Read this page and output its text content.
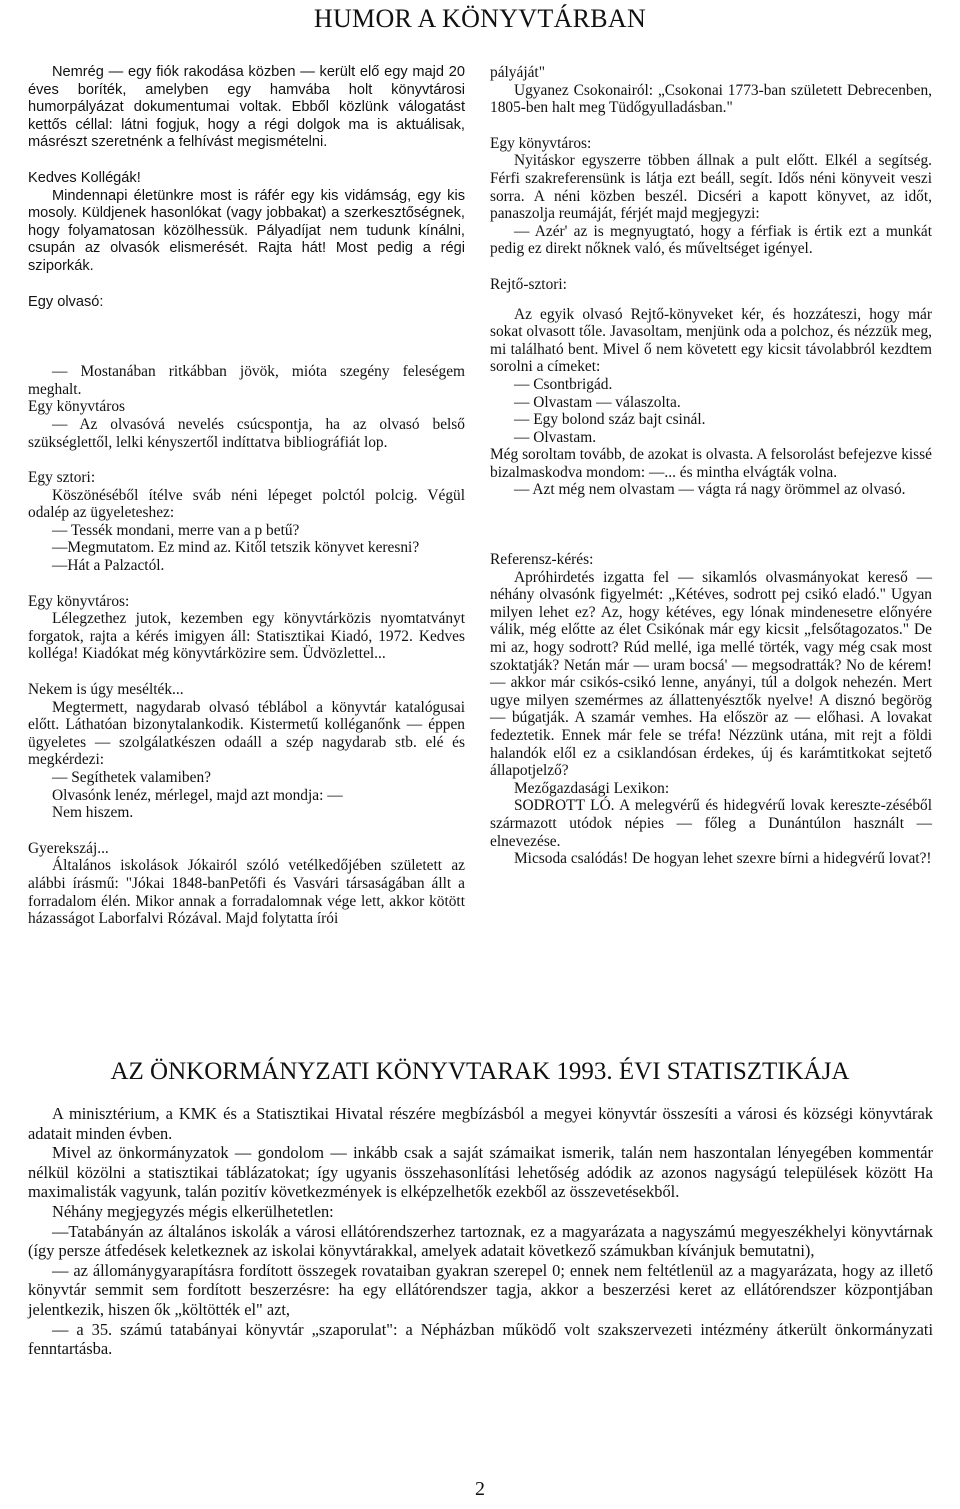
HUMOR A KÖNYVTÁRBAN

Nemrég — egy fiók rakodása közben — került elő egy majd 20 éves boríték, amelyben egy hamvába holt könyvtárosi humorpályázat dokumentumai voltak. Ebből közlünk válogatást kettős céllal: látni fogjuk, hogy a régi dolgok ma is aktuálisak, másrészt szeretnénk a felhívást megismételni.

Kedves Kollégák!

Mindennapi életünkre most is ráfér egy kis vidámság, egy kis mosoly. Küldjenek hasonlókat (vagy jobbakat) a szerkesztőségnek, hogy folyamatosan közölhessük. Pályadíjat nem tudunk kínálni, csupán az olvasók elismerését. Rajta hát! Most pedig a régi sziporkák.

Egy olvasó:

— Mostanában ritkábban jövök, mióta szegény feleségem meghalt.

Egy könyvtáros

— Az olvasóvá nevelés csúcspontja, ha az olvasó belső szükséglettől, lelki kényszertől indíttatva bibliográfiát lop.

Egy sztori:

Köszönéséből ítélve sváb néni lépeget polctól polcig. Végül odalép az ügyeleteshez:

— Tessék mondani, merre van a p betű?

—Megmutatom. Ez mind az. Kitől tetszik könyvet keresni?

—Hát a Palzactól.

Egy könyvtáros:

Lélegzethez jutok, kezemben egy könyvtárközis nyomtatványt forgatok, rajta a kérés imigyen áll: Statisztikai Kiadó, 1972. Kedves kolléga! Kiadókat még könyvtárközire sem. Üdvözlettel...

Nekem is úgy mesélték...

Megtermett, nagydarab olvasó téblábol a könyvtár katalógusai előtt. Láthatóan bizonytalankodik. Kistermetű kolléganőnk — éppen ügyeletes — szolgálatkészen odaáll a szép nagydarab stb. elé és megkérdezi:

— Segíthetek valamiben?

Olvasónk lenéz, mérlegel, majd azt mondja: —

Nem hiszem.

Gyerekszáj...

Általános iskolások Jókairól szóló vetélkedőjében született az alábbi írásmű: "Jókai 1848-banPetőfi és Vasvári társaságában állt a forradalom élén. Mikor annak a forradalomnak vége lett, akkor kötött házasságot Laborfalvi Rózával. Majd folytatta írói

pályáját"

Ugyanez Csokonairól: „Csokonai 1773-ban született Debrecenben, 1805-ben halt meg Tüdőgyulladásban."

Egy könyvtáros:

Nyitáskor egyszerre többen állnak a pult előtt. Elkél a segítség. Férfi szakreferensünk is látja ezt beáll, segít. Idős néni könyveit veszi sorra. A néni közben beszél. Dicséri a kapott könyvet, az időt, panaszolja reumáját, férjét majd megjegyzi:

— Azér' az is megnyugtató, hogy a férfiak is értik ezt a munkát pedig ez direkt nőknek való, és műveltséget igényel.

Rejtő-sztori:

Az egyik olvasó Rejtő-könyveket kér, és hozzáteszi, hogy már sokat olvasott tőle. Javasoltam, menjünk oda a polchoz, és nézzük meg, mi található bent. Mivel ő nem követett egy kicsit távolabbról kezdtem sorolni a címeket:

— Csontbrigád.

— Olvastam — válaszolta.

— Egy bolond száz bajt csinál.

— Olvastam.

Még soroltam tovább, de azokat is olvasta. A felsorolást befejezve kissé bizalmaskodva mondom: —... és mintha elvágták volna.

— Azt még nem olvastam — vágta rá nagy örömmel az olvasó.

Referensz-kérés:

Apróhirdetés izgatta fel — sikamlós olvasmányokat kereső — néhány olvasónk figyelmét: „Kétéves, sodrott pej csikó eladó." Ugyan milyen lehet ez? Az, hogy kétéves, egy lónak mindenesetre előnyére válik, még előtte az élet Csikónak már egy kicsit „felsőtagozatos." De mi az, hogy sodrott? Rúd mellé, iga mellé törték, vagy még csak most szoktatják? Netán már — uram bocsá' — megsodratták? No de kérem! — akkor már csikós-csikó lenne, anyányi, túl a dolgok nehezén. Mert ugye milyen szemérmes az állattenyésztők nyelve! A disznó begörög — búgatják. A szamár vemhes. Ha először az — előhasi. A lovakat fedeztetik. Ennek már fele se tréfa! Nézzünk utána, mit rejt a földi halandók elől ez a csiklandósan érdekes, új és karámtitkokat sejtető állapotjelző?

Mezőgazdasági Lexikon:

SODROTT LÓ. A melegvérű és hidegvérű lovak kereszte-zéséből származott utódok népies — főleg a Dunántúlon használt — elnevezése.

Micsoda csalódás! De hogyan lehet szexre bírni a hidegvérű lovat?!

AZ ÖNKORMÁNYZATI KÖNYVTARAK 1993. ÉVI STATISZTIKÁJA

A minisztérium, a KMK és a Statisztikai Hivatal részére megbízásból a megyei könyvtár összesíti a városi és községi könyvtárak adatait minden évben.

Mivel az önkormányzatok — gondolom — inkább csak a saját számaikat ismerik, talán nem haszontalan lényegében kommentár nélkül közölni a statisztikai táblázatokat; így ugyanis összehasonlítási lehetőség adódik az azonos nagyságú települések között Ha maximalisták vagyunk, talán pozitív következmények is elképzelhetők ezekből az összevetésekből.

Néhány megjegyzés mégis elkerülhetetlen:

—Tatabányán az általános iskolák a városi ellátórendszerhez tartoznak, ez a magyarázata a nagyszámú megyeszékhelyi könyvtárnak (így persze átfedések keletkeznek az iskolai könyvtárakkal, amelyek adatait következő számukban kívánjuk bemutatni),

— az állománygyarapításra fordított összegek rovataiban gyakran szerepel 0; ennek nem feltétlenül az a magyarázata, hogy az illető könyvtár semmit sem fordított beszerzésre: ha egy ellátórendszer tagja, akkor a beszerzési keret az ellátórendszer központjában jelentkezik, hiszen ők „költötték el" azt,

— a 35. számú tatabányai könyvtár „szaporulat": a Népházban működő volt szakszervezeti intézmény átkerült önkormányzati fenntartásba.

2
